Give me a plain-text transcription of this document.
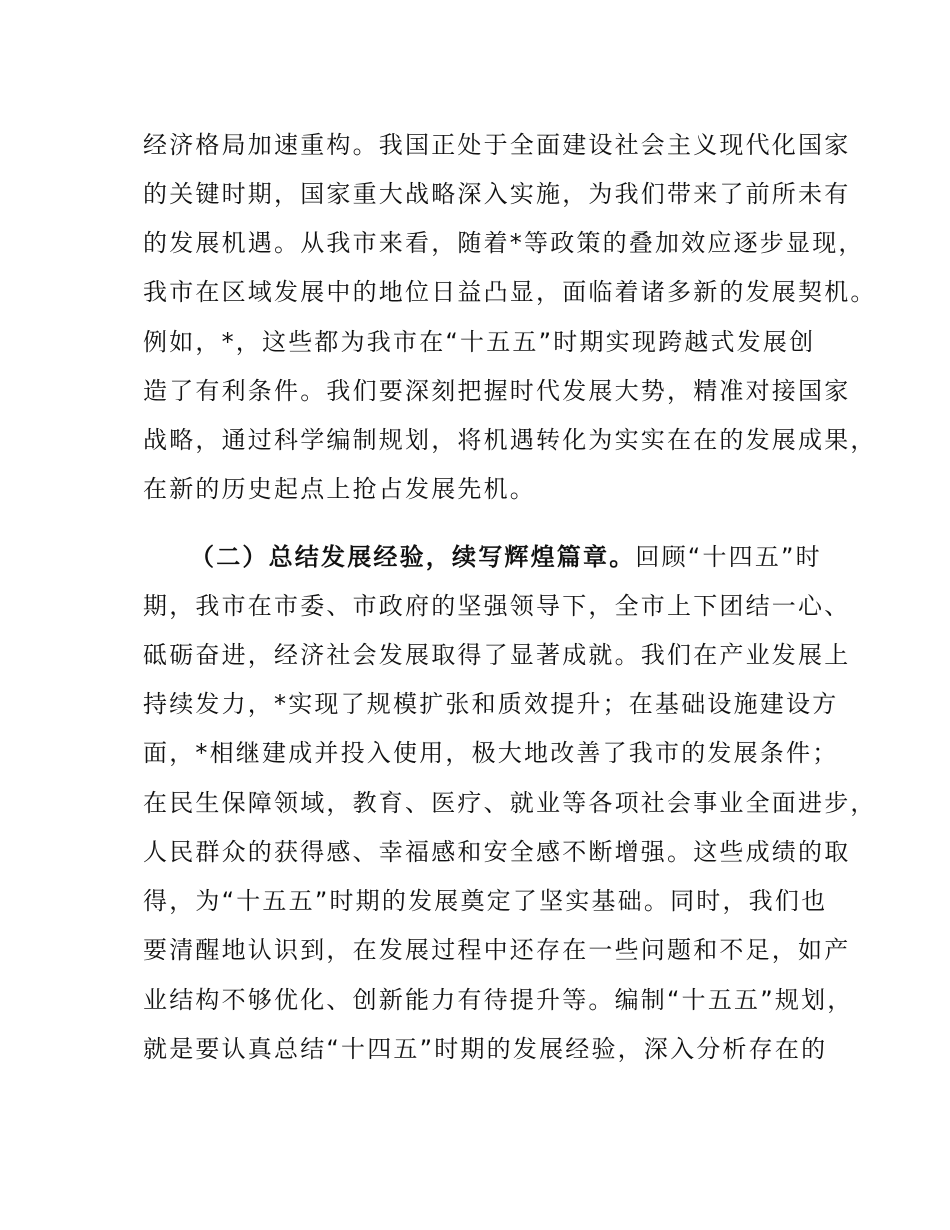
经济格局加速重构。我国正处于全面建设社会主义现代化国家
的关键时期，国家重大战略深入实施，为我们带来了前所未有
的发展机遇。从我市来看，随着*等政策的叠加效应逐步显现，
我市在区域发展中的地位日益凸显，面临着诸多新的发展契机。
例如，*，这些都为我市在“十五五”时期实现跨越式发展创
造了有利条件。我们要深刻把握时代发展大势，精准对接国家
战略，通过科学编制规划，将机遇转化为实实在在的发展成果，
在新的历史起点上抢占发展先机。
（二）总结发展经验，续写辉煌篇章。回顾“十四五”时
期，我市在市委、市政府的坚强领导下，全市上下团结一心、
砥砺奋进，经济社会发展取得了显著成就。我们在产业发展上
持续发力，*实现了规模扩张和质效提升；在基础设施建设方
面，*相继建成并投入使用，极大地改善了我市的发展条件；
在民生保障领域，教育、医疗、就业等各项社会事业全面进步，
人民群众的获得感、幸福感和安全感不断增强。这些成绩的取
得，为“十五五”时期的发展奠定了坚实基础。同时，我们也
要清醒地认识到，在发展过程中还存在一些问题和不足，如产
业结构不够优化、创新能力有待提升等。编制“十五五”规划，
就是要认真总结“十四五”时期的发展经验，深入分析存在的
